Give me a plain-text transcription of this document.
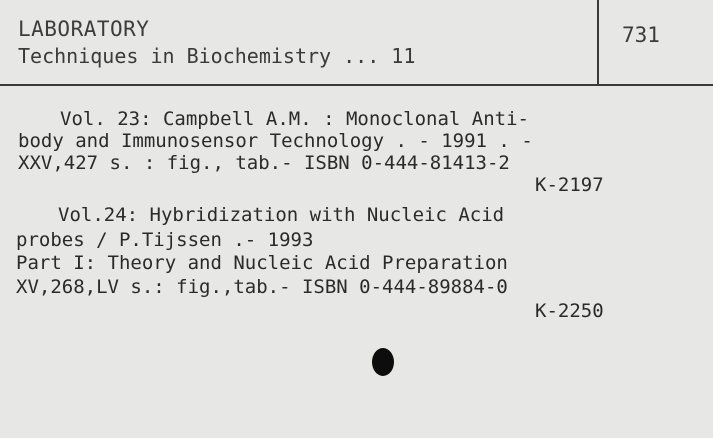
LABORATORY
Techniques in Biochemistry ... 11
731
Vol. 23: Campbell A.M. : Monoclonal Anti-
body and Immunosensor Technology . - 1991 . -
XXV,427 s. : fig., tab.- ISBN 0-444-81413-2
K-2197
Vol.24: Hybridization with Nucleic Acid
probes / P.Tijssen .- 1993
Part I: Theory and Nucleic Acid Preparation
XV,268,LV s.: fig.,tab.- ISBN 0-444-89884-0
K-2250
